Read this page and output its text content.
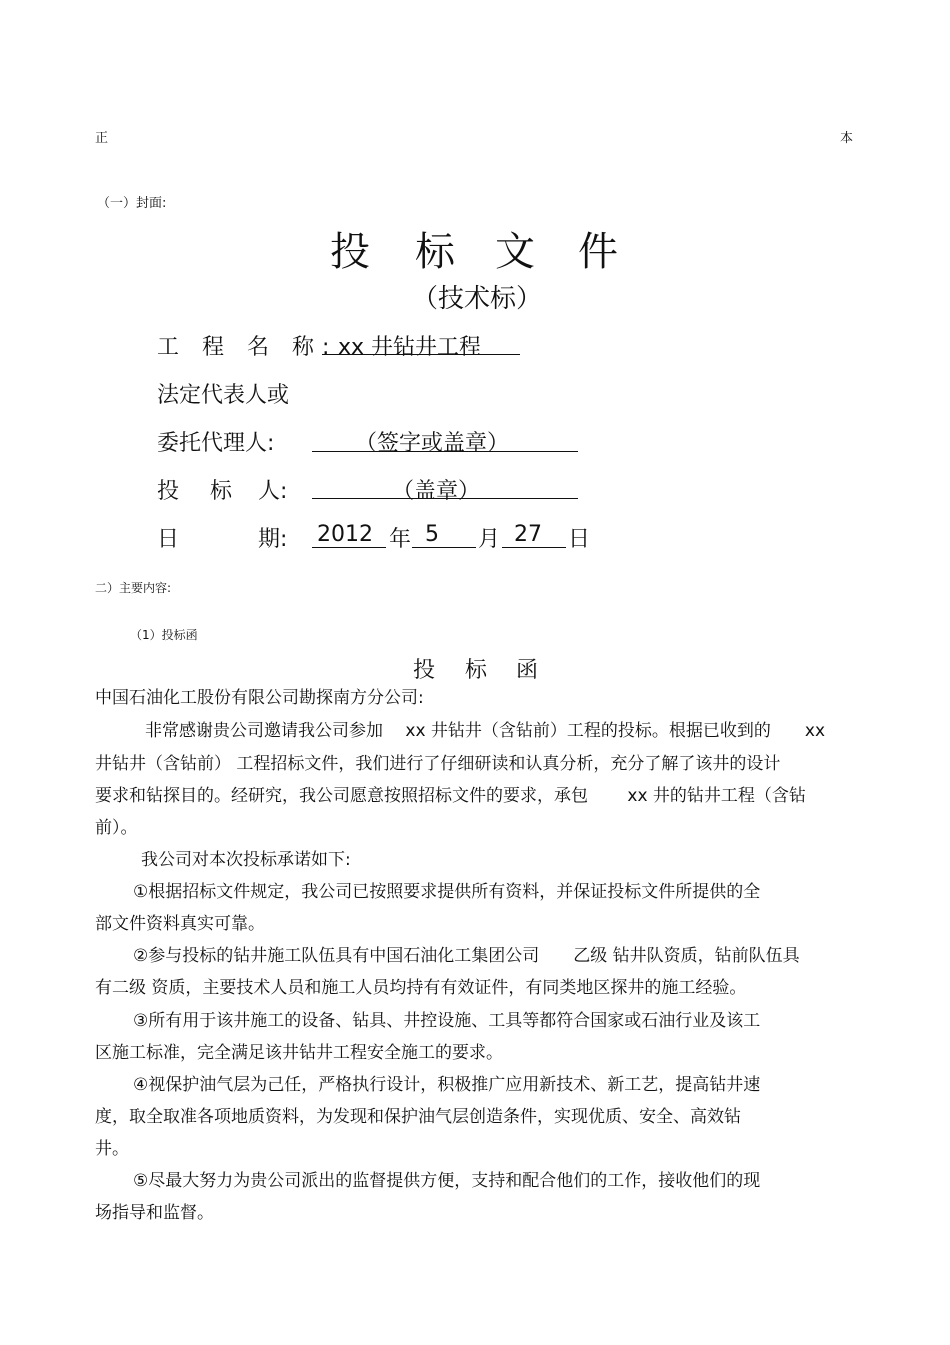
正	本
（一）封面:
投 标 文 件
（技术标）
工 程 名 称: xx 井钻井工程
法定代表人或
委托代理人:	（签字或盖章）
投 标 人:	（盖章）
日	期: 2012 年 5 月 27 日
二）主要内容:
（1）投标函
投 标 函
中国石油化工股份有限公司勘探南方分公司:
非常感谢贵公司邀请我公司参加　 xx 井钻井（含钻前）工程的投标。根据已收到的　　xx
井钻井（含钻前） 工程招标文件，我们进行了仔细研读和认真分析，充分了解了该井的设计
要求和钻探目的。经研究，我公司愿意按照招标文件的要求，承包　　 xx 井的钻井工程（含钻
前）。
我公司对本次投标承诺如下:
①根据招标文件规定，我公司已按照要求提供所有资料，并保证投标文件所提供的全
部文件资料真实可靠。
②参与投标的钻井施工队伍具有中国石油化工集团公司　　乙级 钻井队资质，钻前队伍具
有二级 资质，主要技术人员和施工人员均持有有效证件，有同类地区探井的施工经验。
③所有用于该井施工的设备、钻具、井控设施、工具等都符合国家或石油行业及该工
区施工标准，完全满足该井钻井工程安全施工的要求。
④视保护油气层为己任，严格执行设计，积极推广应用新技术、新工艺，提高钻井速
度，取全取准各项地质资料，为发现和保护油气层创造条件，实现优质、安全、高效钻
井。
⑤尽最大努力为贵公司派出的监督提供方便，支持和配合他们的工作，接收他们的现
场指导和监督。
